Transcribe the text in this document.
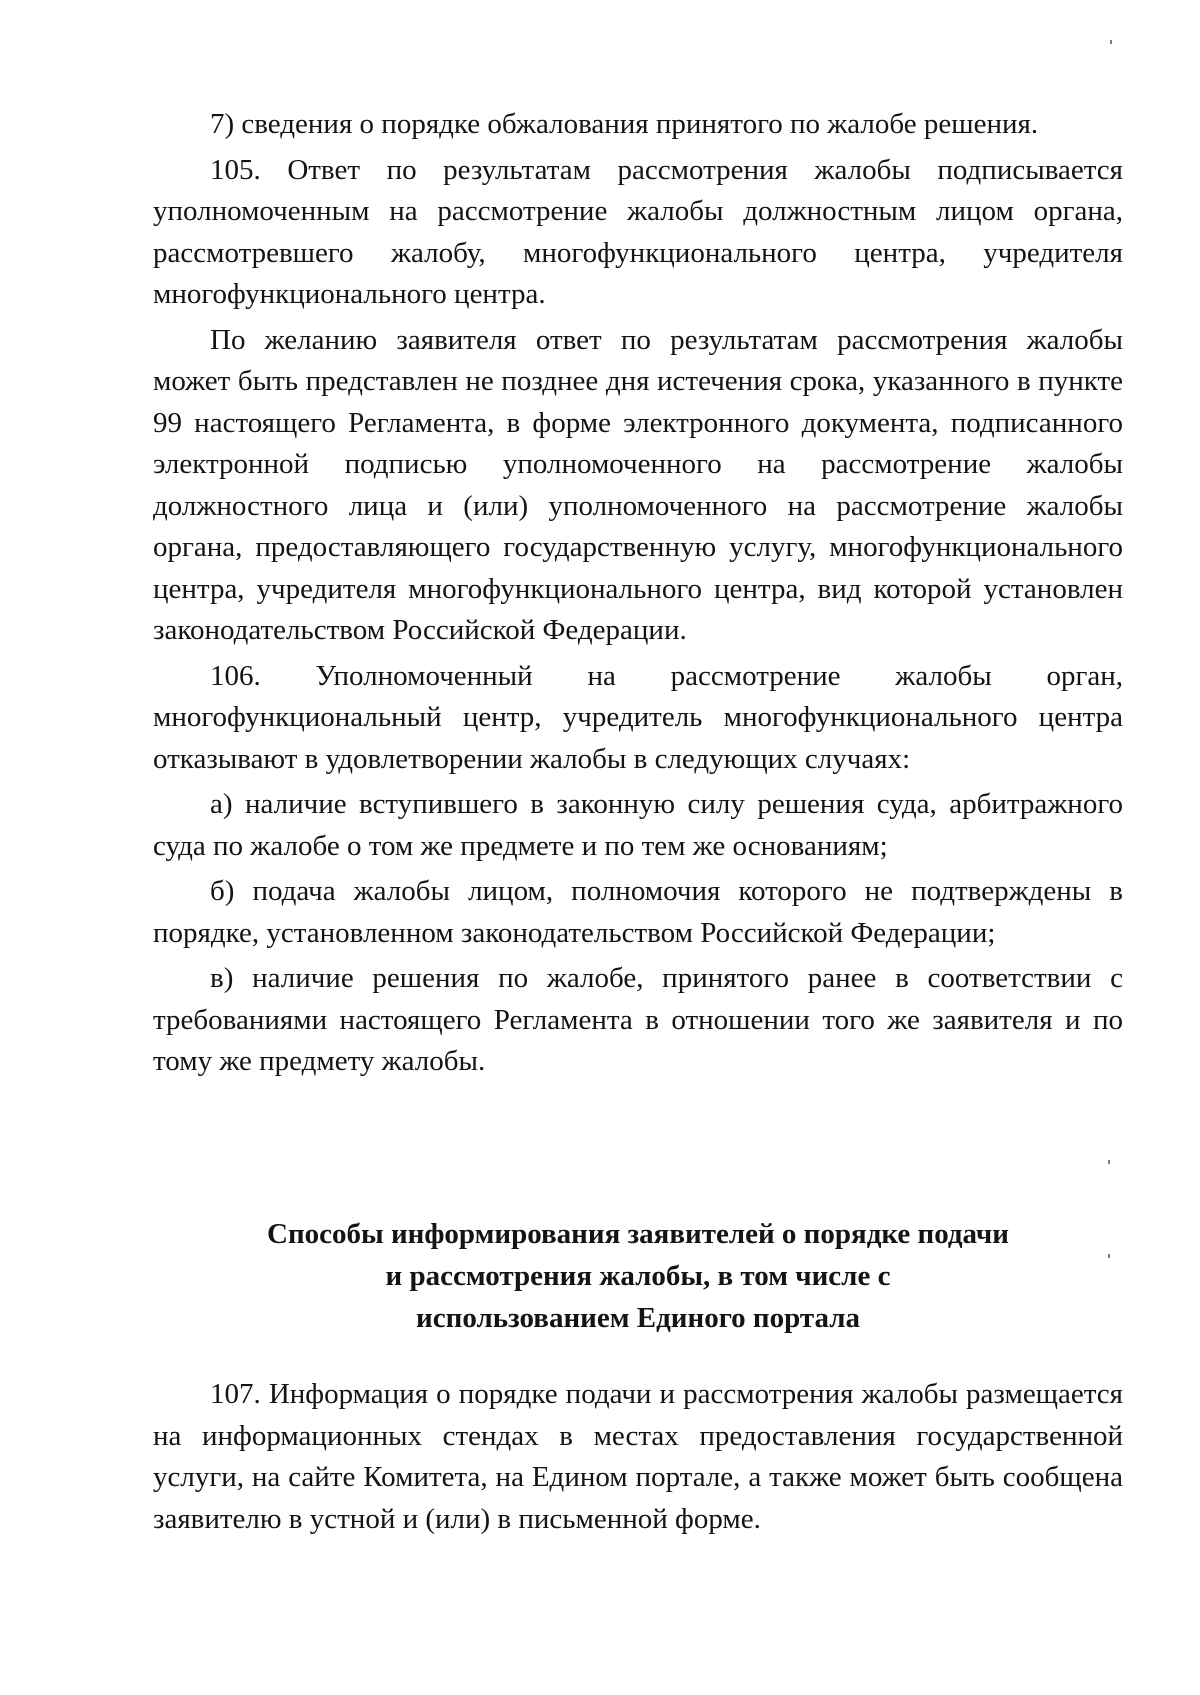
7) сведения о порядке обжалования принятого по жалобе решения.

105. Ответ по результатам рассмотрения жалобы подписывается уполномоченным на рассмотрение жалобы должностным лицом органа, рассмотревшего жалобу, многофункционального центра, учредителя многофункционального центра.

По желанию заявителя ответ по результатам рассмотрения жалобы может быть представлен не позднее дня истечения срока, указанного в пункте 99 настоящего Регламента, в форме электронного документа, подписанного электронной подписью уполномоченного на рассмотрение жалобы должностного лица и (или) уполномоченного на рассмотрение жалобы органа, предоставляющего государственную услугу, многофункционального центра, учредителя многофункционального центра, вид которой установлен законодательством Российской Федерации.

106. Уполномоченный на рассмотрение жалобы орган, многофункциональный центр, учредитель многофункционального центра отказывают в удовлетворении жалобы в следующих случаях:

а) наличие вступившего в законную силу решения суда, арбитражного суда по жалобе о том же предмете и по тем же основаниям;

б) подача жалобы лицом, полномочия которого не подтверждены в порядке, установленном законодательством Российской Федерации;

в) наличие решения по жалобе, принятого ранее в соответствии с требованиями настоящего Регламента в отношении того же заявителя и по тому же предмету жалобы.

Способы информирования заявителей о порядке подачи
и рассмотрения жалобы, в том числе с
использованием Единого портала

107. Информация о порядке подачи и рассмотрения жалобы размещается на информационных стендах в местах предоставления государственной услуги, на сайте Комитета, на Едином портале, а также может быть сообщена заявителю в устной и (или) в письменной форме.
